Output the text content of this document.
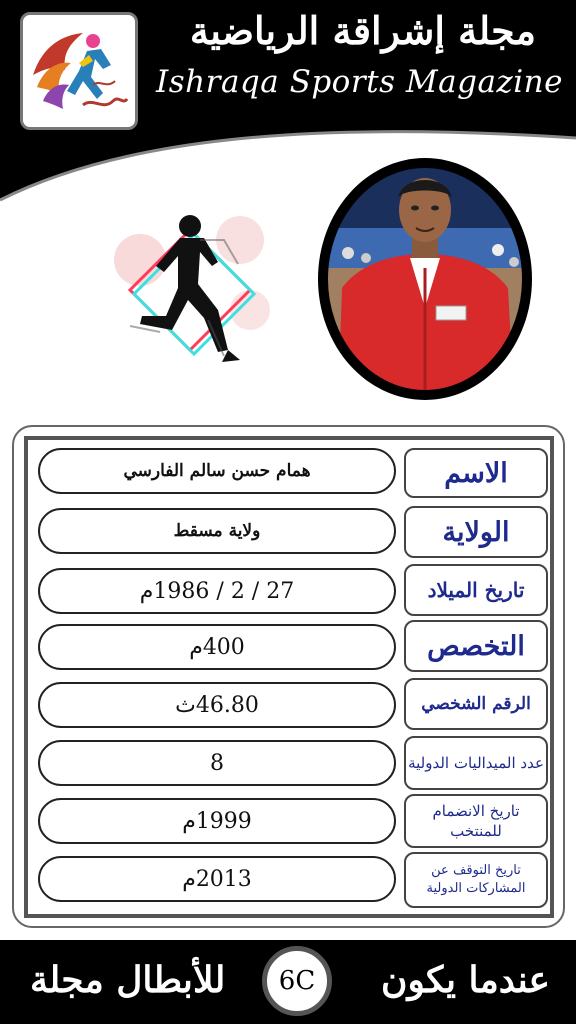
مجلة إشراقة الرياضية
Ishraqa Sports Magazine
همام حسن سالم الفارسي	الاسم
ولاية مسقط	الولاية
27 / 2 / 1986م	تاريخ الميلاد
400م	التخصص
46.80ث	الرقم الشخصي
8	عدد الميداليات الدولية
1999م	تاريخ الانضمام للمنتخب
2013م	تاريخ التوقف عن المشاركات الدولية
عندما يكون
6C
للأبطال مجلة
